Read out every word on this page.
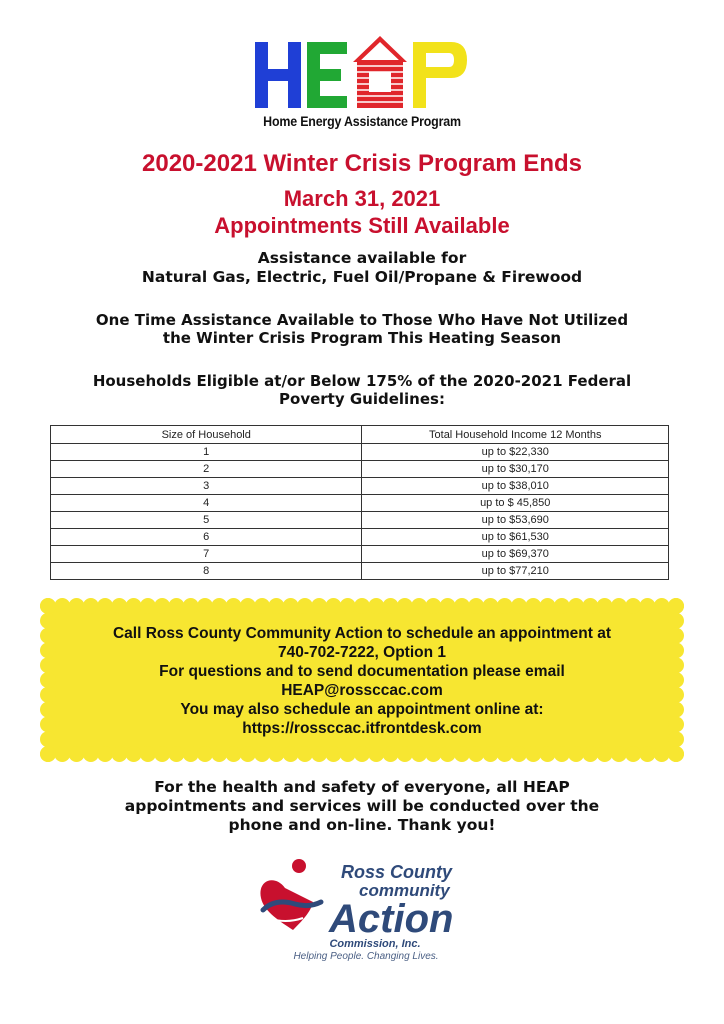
Home Energy Assistance Program
2020-2021 Winter Crisis Program Ends
March 31, 2021
Appointments Still Available
Assistance available for
Natural Gas, Electric, Fuel Oil/Propane & Firewood
One Time Assistance Available to Those Who Have Not Utilized
the Winter Crisis Program This Heating Season
Households Eligible at/or Below 175% of the 2020-2021 Federal
Poverty Guidelines:
Size of Household	Total Household Income 12 Months
1	up to $22,330
2	up to $30,170
3	up to $38,010
4	up to $ 45,850
5	up to $53,690
6	up to $61,530
7	up to $69,370
8	up to $77,210
Call Ross County Community Action to schedule an appointment at
740-702-7222, Option 1
For questions and to send documentation please email
HEAP@rossccac.com
You may also schedule an appointment online at:
https://rossccac.itfrontdesk.com
For the health and safety of everyone, all HEAP
appointments and services will be conducted over the
phone and on-line. Thank you!
Ross County
community
Action
Commission, Inc.
Helping People. Changing Lives.
